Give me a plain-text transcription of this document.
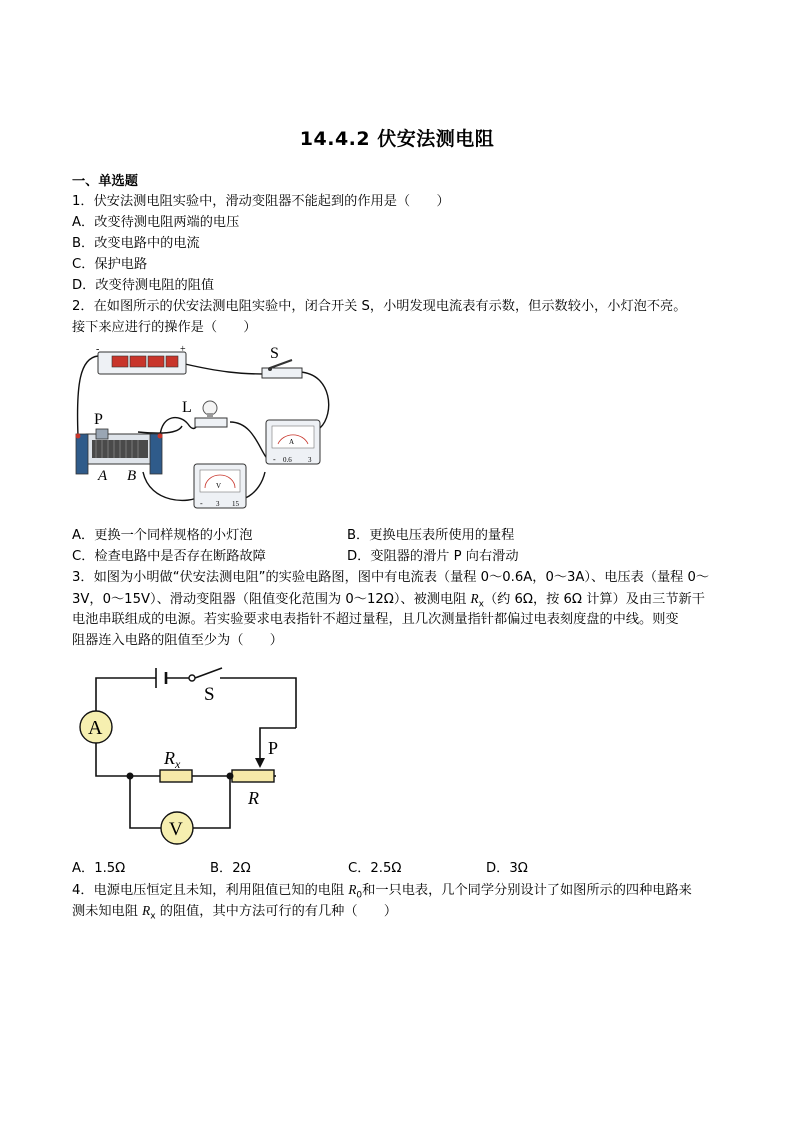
14.4.2 伏安法测电阻
一、单选题
1．伏安法测电阻实验中，滑动变阻器不能起到的作用是（　　）
A．改变待测电阻两端的电压
B．改变电路中的电流
C．保护电路
D．改变待测电阻的阻值
2．在如图所示的伏安法测电阻实验中，闭合开关 S，小明发现电流表有示数，但示数较小，小灯泡不亮。
接下来应进行的操作是（　　）
-	+	S
L
P
A B
A
- 0.6 3
V
- 3 15
A．更换一个同样规格的小灯泡	B．更换电压表所使用的量程
C．检查电路中是否存在断路故障	D．变阻器的滑片 P 向右滑动
3．如图为小明做“伏安法测电阻”的实验电路图，图中有电流表（量程 0～0.6A，0～3A）、电压表（量程 0～
3V，0～15V）、滑动变阻器（阻值变化范围为 0～12Ω）、被测电阻 $R_x$（约 6Ω，按 6Ω 计算）及由三节新干
电池串联组成的电源。若实验要求电表指针不超过量程，且几次测量指针都偏过电表刻度盘的中线。则变
阻器连入电路的阻值至少为（　　）
A
V
S
P
R
$R_x$
A．1.5Ω	B．2Ω	C．2.5Ω	D．3Ω
4．电源电压恒定且未知，利用阻值已知的电阻 $R_0$和一只电表，几个同学分别设计了如图所示的四种电路来
测未知电阻 $R_x$ 的阻值，其中方法可行的有几种（　　）
